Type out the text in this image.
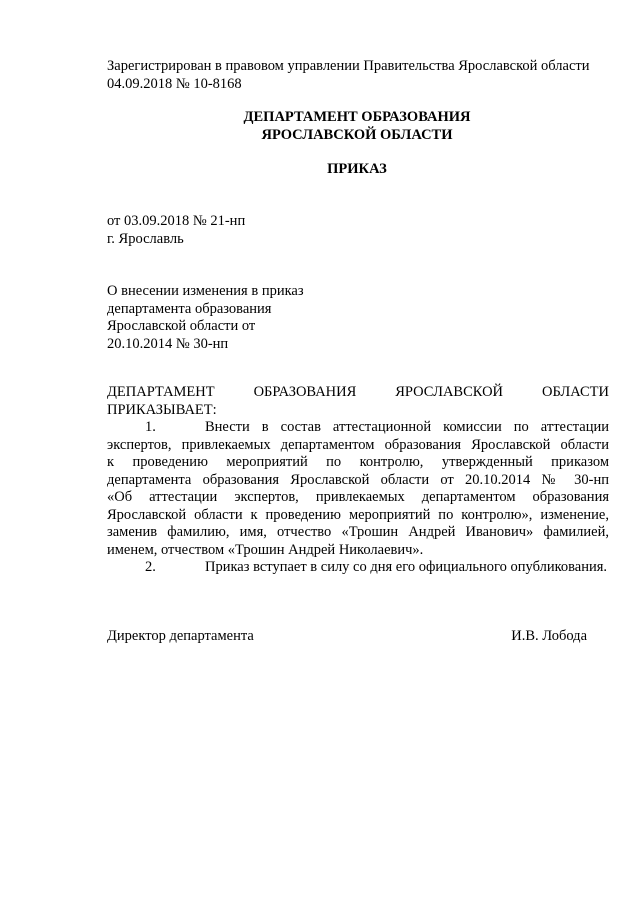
Зарегистрирован в правовом управлении Правительства Ярославской области
04.09.2018 № 10-8168
ДЕПАРТАМЕНТ ОБРАЗОВАНИЯ
ЯРОСЛАВСКОЙ ОБЛАСТИ
ПРИКАЗ
от 03.09.2018 № 21-нп
г. Ярославль
О внесении изменения в приказ
департамента образования
Ярославской области от
20.10.2014 № 30-нп
ДЕПАРТАМЕНТ ОБРАЗОВАНИЯ ЯРОСЛАВСКОЙ ОБЛАСТИ
ПРИКАЗЫВАЕТ:
1.	Внести в состав аттестационной комиссии по аттестации
экспертов, привлекаемых департаментом образования Ярославской области
к проведению мероприятий по контролю, утвержденный приказом
департамента образования Ярославской области от 20.10.2014 № 30-нп
«Об аттестации экспертов, привлекаемых департаментом образования
Ярославской области к проведению мероприятий по контролю», изменение,
заменив фамилию, имя, отчество «Трошин Андрей Иванович» фамилией,
именем, отчеством «Трошин Андрей Николаевич».
2.	Приказ вступает в силу со дня его официального опубликования.
Директор департамента	И.В. Лобода
